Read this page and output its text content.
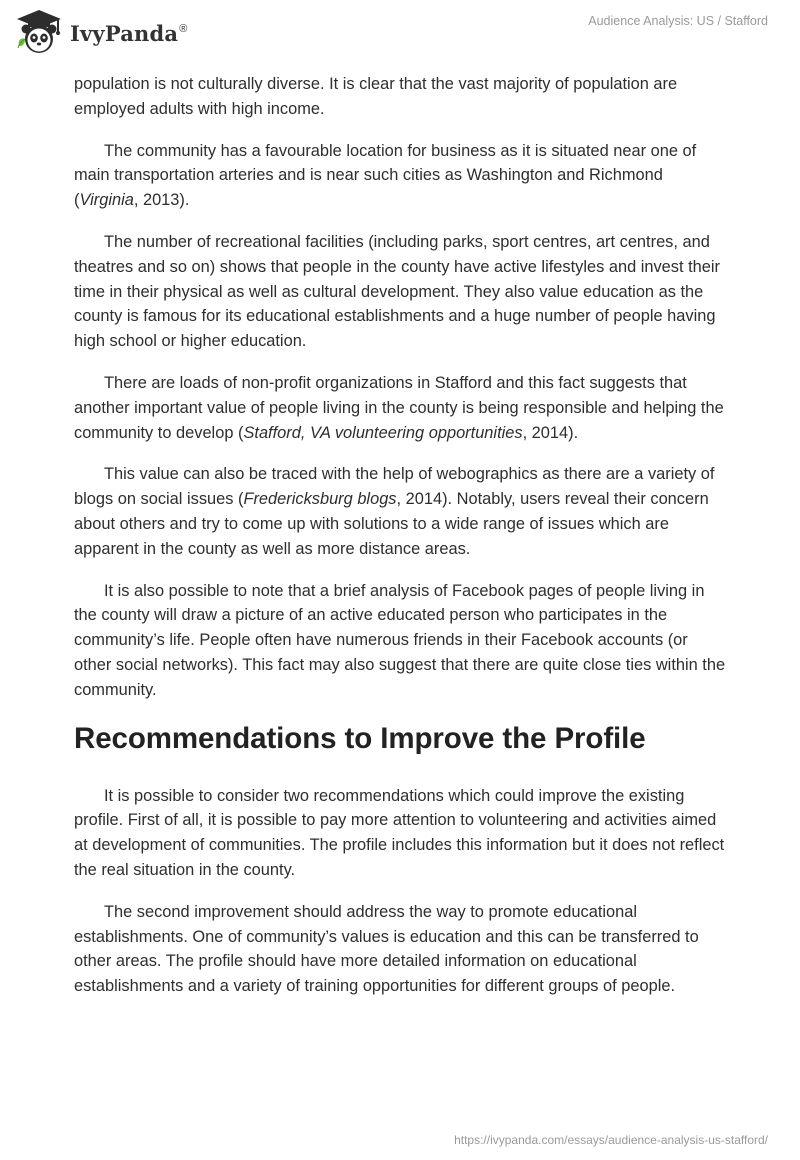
IvyPanda®
Audience Analysis: US / Stafford

population is not culturally diverse. It is clear that the vast majority of population are employed adults with high income.

The community has a favourable location for business as it is situated near one of main transportation arteries and is near such cities as Washington and Richmond (Virginia, 2013).

The number of recreational facilities (including parks, sport centres, art centres, and theatres and so on) shows that people in the county have active lifestyles and invest their time in their physical as well as cultural development. They also value education as the county is famous for its educational establishments and a huge number of people having high school or higher education.

There are loads of non-profit organizations in Stafford and this fact suggests that another important value of people living in the county is being responsible and helping the community to develop (Stafford, VA volunteering opportunities, 2014).

This value can also be traced with the help of webographics as there are a variety of blogs on social issues (Fredericksburg blogs, 2014). Notably, users reveal their concern about others and try to come up with solutions to a wide range of issues which are apparent in the county as well as more distance areas.

It is also possible to note that a brief analysis of Facebook pages of people living in the county will draw a picture of an active educated person who participates in the community’s life. People often have numerous friends in their Facebook accounts (or other social networks). This fact may also suggest that there are quite close ties within the community.

Recommendations to Improve the Profile

It is possible to consider two recommendations which could improve the existing profile. First of all, it is possible to pay more attention to volunteering and activities aimed at development of communities. The profile includes this information but it does not reflect the real situation in the county.

The second improvement should address the way to promote educational establishments. One of community’s values is education and this can be transferred to other areas. The profile should have more detailed information on educational establishments and a variety of training opportunities for different groups of people.

https://ivypanda.com/essays/audience-analysis-us-stafford/
